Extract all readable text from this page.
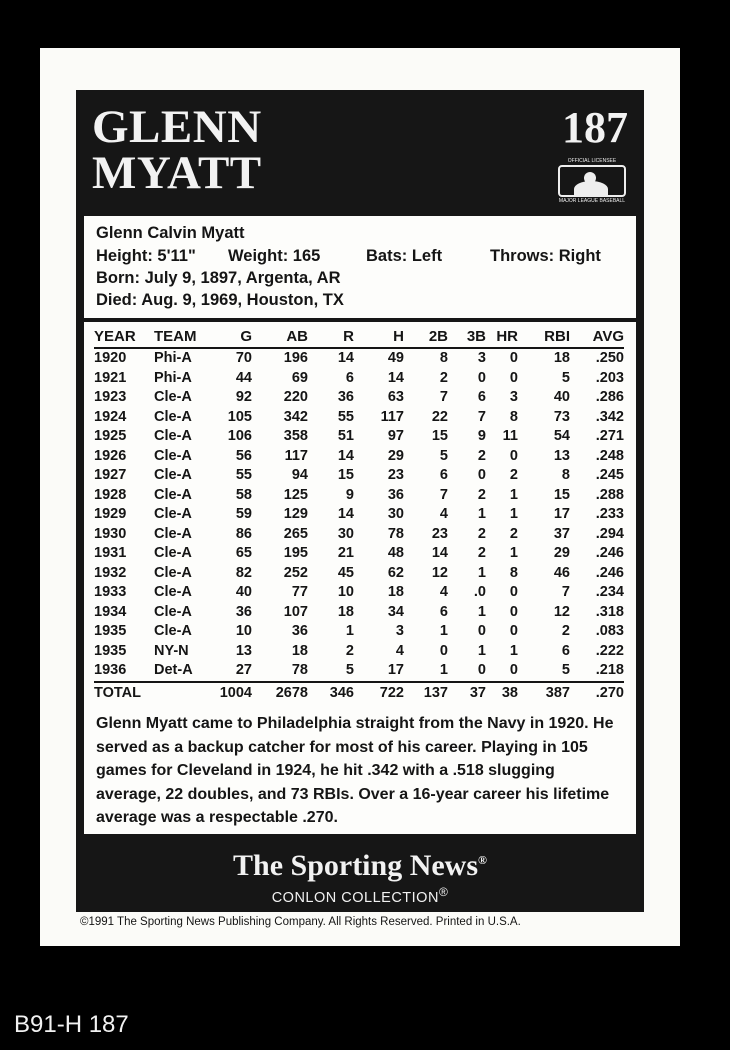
GLENN
MYATT
187
OFFICIAL LICENSEE
MAJOR LEAGUE BASEBALL
Glenn Calvin Myatt
Height: 5'11" Weight: 165	Bats: Left	Throws: Right
Born: July 9, 1897, Argenta, AR
Died: Aug. 9, 1969, Houston, TX
YEAR	TEAM	G	AB	R	H	2B	3B	HR	RBI	AVG
1920	Phi-A	70	196	14	49	8	3	0	18	.250
1921	Phi-A	44	69	6	14	2	0	0	5	.203
1923	Cle-A	92	220	36	63	7	6	3	40	.286
1924	Cle-A	105	342	55	117	22	7	8	73	.342
1925	Cle-A	106	358	51	97	15	9	11	54	.271
1926	Cle-A	56	117	14	29	5	2	0	13	.248
1927	Cle-A	55	94	15	23	6	0	2	8	.245
1928	Cle-A	58	125	9	36	7	2	1	15	.288
1929	Cle-A	59	129	14	30	4	1	1	17	.233
1930	Cle-A	86	265	30	78	23	2	2	37	.294
1931	Cle-A	65	195	21	48	14	2	1	29	.246
1932	Cle-A	82	252	45	62	12	1	8	46	.246
1933	Cle-A	40	77	10	18	4	.0	0	7	.234
1934	Cle-A	36	107	18	34	6	1	0	12	.318
1935	Cle-A	10	36	1	3	1	0	0	2	.083
1935	NY-N	13	18	2	4	0	1	1	6	.222
1936	Det-A	27	78	5	17	1	0	0	5	.218
TOTAL		1004	2678	346	722	137	37	38	387	.270

Glenn Myatt came to Philadelphia straight from the Navy in 1920. He served as a backup catcher for most of his career. Playing in 105 games for Cleveland in 1924, he hit .342 with a .518 slugging average, 22 doubles, and 73 RBIs. Over a 16-year career his lifetime average was a respectable .270.

The Sporting News®
CONLON COLLECTION®
©1991 The Sporting News Publishing Company. All Rights Reserved. Printed in U.S.A.
B91-H 187
